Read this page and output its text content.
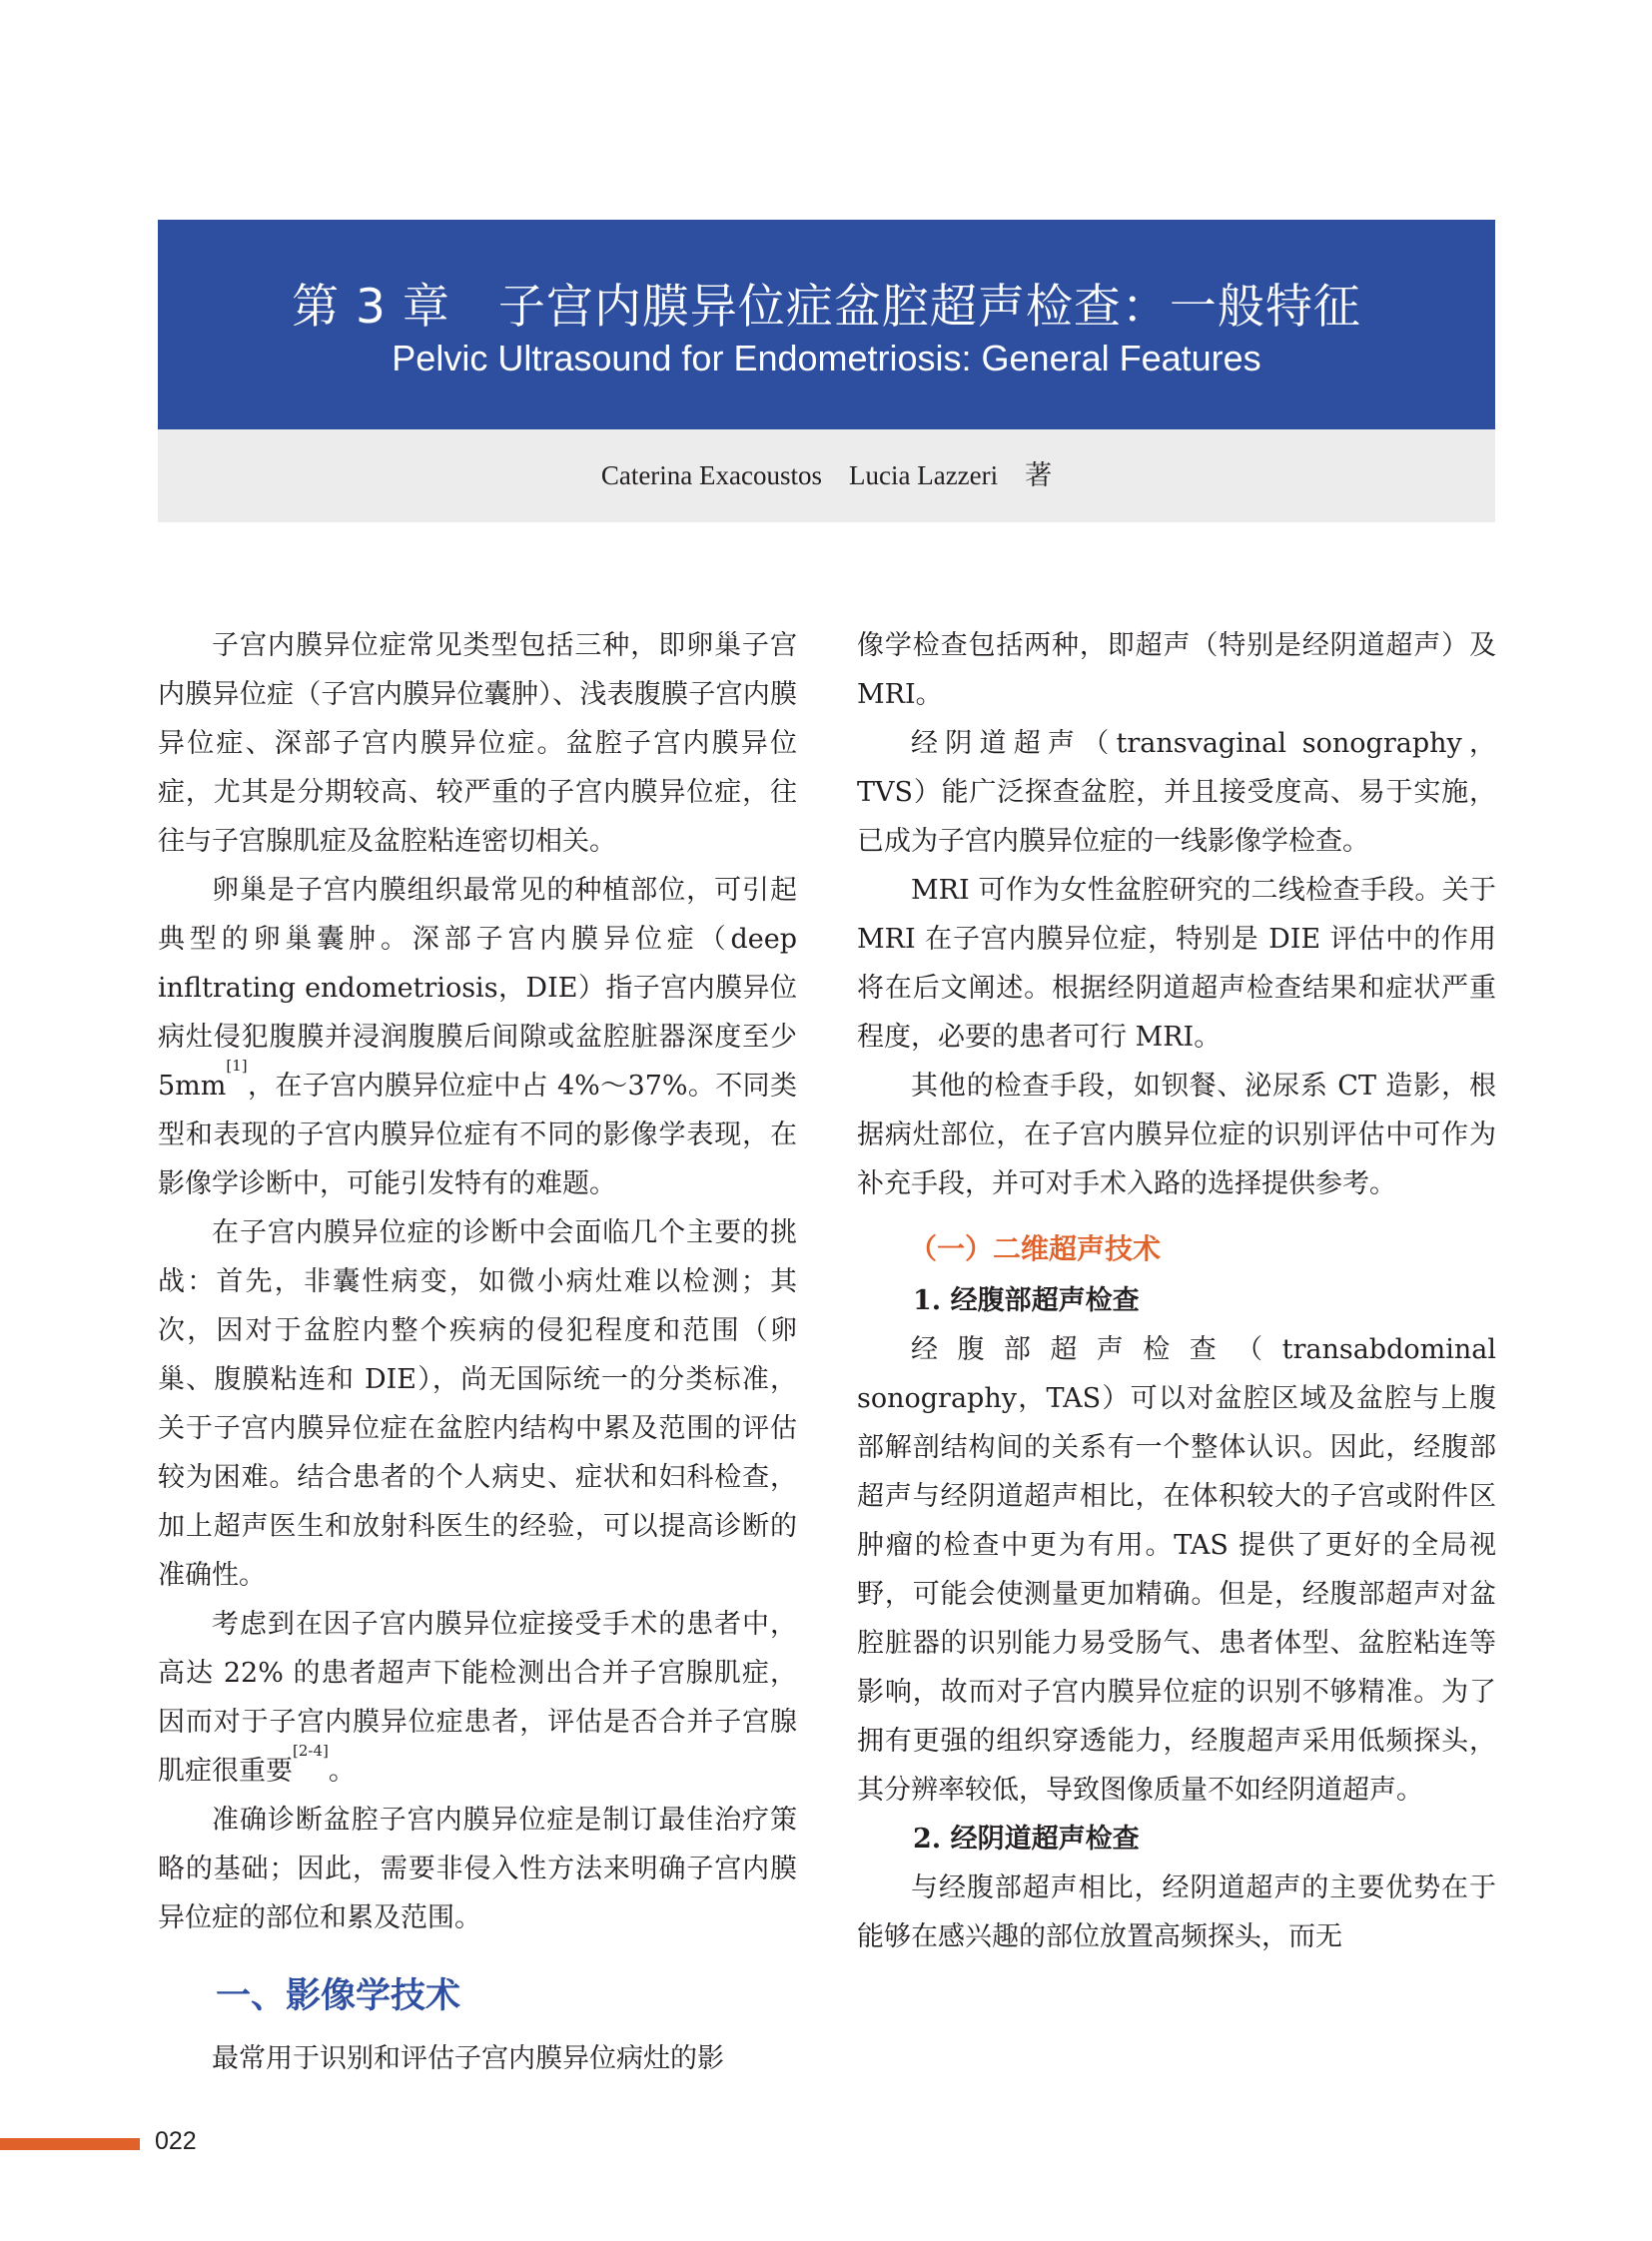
第 3 章　子宫内膜异位症盆腔超声检查：一般特征
Pelvic Ultrasound for Endometriosis: General Features
Caterina Exacoustos　Lucia Lazzeri　著

子宫内膜异位症常见类型包括三种，即卵巢子宫内膜异位症（子宫内膜异位囊肿）、浅表腹膜子宫内膜异位症、深部子宫内膜异位症。盆腔子宫内膜异位症，尤其是分期较高、较严重的子宫内膜异位症，往往与子宫腺肌症及盆腔粘连密切相关。

卵巢是子宫内膜组织最常见的种植部位，可引起典型的卵巢囊肿。深部子宫内膜异位症（deep infltrating endometriosis，DIE）指子宫内膜异位病灶侵犯腹膜并浸润腹膜后间隙或盆腔脏器深度至少 5mm[1]，在子宫内膜异位症中占 4%～37%。不同类型和表现的子宫内膜异位症有不同的影像学表现，在影像学诊断中，可能引发特有的难题。

在子宫内膜异位症的诊断中会面临几个主要的挑战：首先，非囊性病变，如微小病灶难以检测；其次，因对于盆腔内整个疾病的侵犯程度和范围（卵巢、腹膜粘连和 DIE），尚无国际统一的分类标准，关于子宫内膜异位症在盆腔内结构中累及范围的评估较为困难。结合患者的个人病史、症状和妇科检查，加上超声医生和放射科医生的经验，可以提高诊断的准确性。

考虑到在因子宫内膜异位症接受手术的患者中，高达 22% 的患者超声下能检测出合并子宫腺肌症，因而对于子宫内膜异位症患者，评估是否合并子宫腺肌症很重要[2-4]。

准确诊断盆腔子宫内膜异位症是制订最佳治疗策略的基础；因此，需要非侵入性方法来明确子宫内膜异位症的部位和累及范围。

一、影像学技术

最常用于识别和评估子宫内膜异位病灶的影

像学检查包括两种，即超声（特别是经阴道超声）及 MRI。

经阴道超声（transvaginal sonography，TVS）能广泛探查盆腔，并且接受度高、易于实施，已成为子宫内膜异位症的一线影像学检查。

MRI 可作为女性盆腔研究的二线检查手段。关于 MRI 在子宫内膜异位症，特别是 DIE 评估中的作用将在后文阐述。根据经阴道超声检查结果和症状严重程度，必要的患者可行 MRI。

其他的检查手段，如钡餐、泌尿系 CT 造影，根据病灶部位，在子宫内膜异位症的识别评估中可作为补充手段，并可对手术入路的选择提供参考。

（一）二维超声技术
1. 经腹部超声检查

经腹部超声检查（transabdominal sonography，TAS）可以对盆腔区域及盆腔与上腹部解剖结构间的关系有一个整体认识。因此，经腹部超声与经阴道超声相比，在体积较大的子宫或附件区肿瘤的检查中更为有用。TAS 提供了更好的全局视野，可能会使测量更加精确。但是，经腹部超声对盆腔脏器的识别能力易受肠气、患者体型、盆腔粘连等影响，故而对子宫内膜异位症的识别不够精准。为了拥有更强的组织穿透能力，经腹超声采用低频探头，其分辨率较低，导致图像质量不如经阴道超声。

2. 经阴道超声检查

与经腹部超声相比，经阴道超声的主要优势在于能够在感兴趣的部位放置高频探头，而无

022
